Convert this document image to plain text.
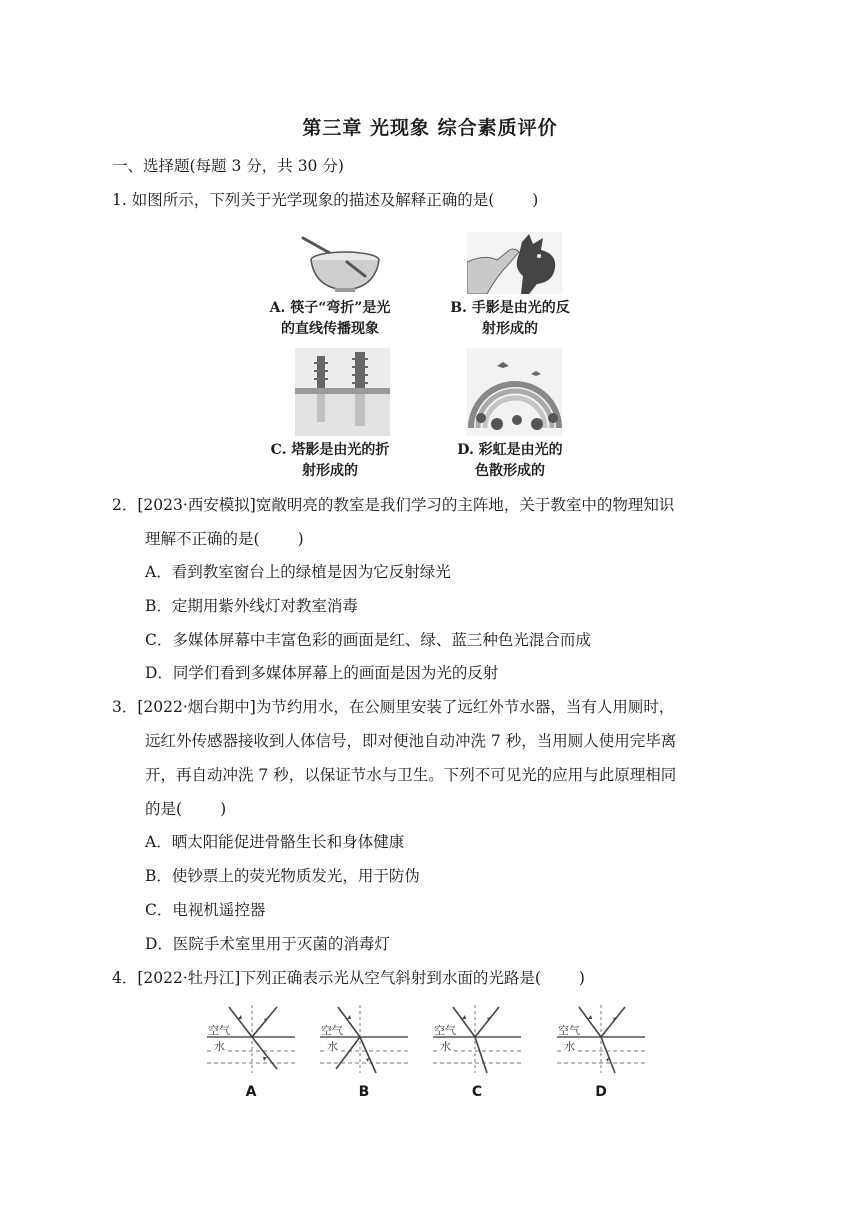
第三章 光现象 综合素质评价
一、选择题(每题 3 分，共 30 分)
1. 如图所示，下列关于光学现象的描述及解释正确的是( )
A. 筷子“弯折”是光
的直线传播现象
B. 手影是由光的反
射形成的
C. 塔影是由光的折
射形成的
D. 彩虹是由光的
色散形成的
2．[2023·西安模拟]宽敞明亮的教室是我们学习的主阵地，关于教室中的物理知识
理解不正确的是( )
A．看到教室窗台上的绿植是因为它反射绿光
B．定期用紫外线灯对教室消毒
C．多媒体屏幕中丰富色彩的画面是红、绿、蓝三种色光混合而成
D．同学们看到多媒体屏幕上的画面是因为光的反射
3．[2022·烟台期中]为节约用水，在公厕里安装了远红外节水器，当有人用厕时，
远红外传感器接收到人体信号，即对便池自动冲洗 7 秒，当用厕人使用完毕离
开，再自动冲洗 7 秒，以保证节水与卫生。下列不可见光的应用与此原理相同
的是( )
A．晒太阳能促进骨骼生长和身体健康
B．使钞票上的荧光物质发光，用于防伪
C．电视机遥控器
D．医院手术室里用于灭菌的消毒灯
4．[2022·牡丹江]下列正确表示光从空气斜射到水面的光路是( )
空气
水
A
空气
水
B
空气
水
C
空气
水
D
